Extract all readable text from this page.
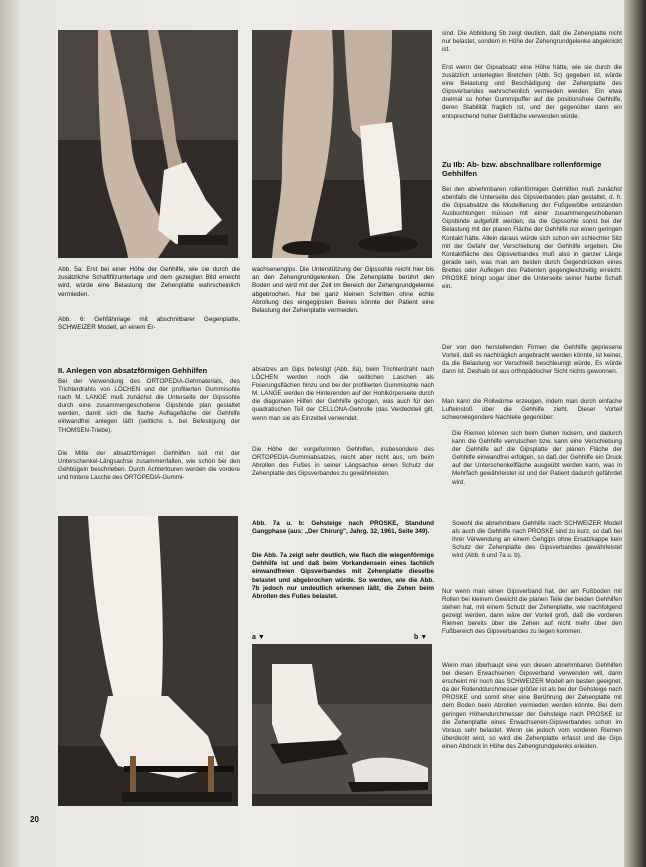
Abb. 5a: Erst bei einer Höhe der Gehhilfe, wie sie durch die zusätzliche Schaftfilzunterlage und dem gezeigten Bild erreicht wird, würde eine Belastung der Zehenplatte wahrscheinlich vermieden.
Abb. 6: Gehfähnlage mit abschnitbarer Gegenplatte, SCHWEIZER Modell, an einem Er-
wachsenengips. Die Unterstützung der Gipssohle reicht hier bis an den Zehengrundgelenken. Die Zehenplatte berührt den Boden und wird mit der Zeit im Bereich der Zehengrundgelenke abgebrochen. Nur bei ganz kleinen Schritten ohne echte Abrollung des eingegipsten Beines könnte der Patient eine Belastung der Zehenplatte vermeiden.
II. Anlegen von absatzförmigen Gehhilfen
Bei der Verwendung des ORTOPEDIA-Gehmaterials, des Trichterdrahts von LÖCHEN und der profilierten Gummisohle nach M. LANGE muß zunächst die Unterseite der Gipssohle durch eine zusammengeschobene Gipsbinde plan gestaltet werden, damit sich die flache Auflagefläche der Gehhilfe einwandfrei anlegen läßt (seitlichs s. bei Befestigung der THOMSEN-Triebe).
Die Mitte der absatzförmigen Gehhilfen soll mit der Unterschenkel-Längsachse zusammenfallen, wie schon bei den Gehbügeln beschrieben. Durch Achtertouren werden die vordere und hintere Lasche des ORTOPEDIA-Gummi-
absatzes am Gips befestigt (Abb. 8a), beim Trichterdraht nach LÖCHEN werden noch die seitlichen Laschen als Fixierungsflächen hinzu und bei der profilierten Gummisohle nach M. LANGE werden die Hinterenden auf der Hohlkörperseite durch die diagonalen Hilfen der Gehhilfe gezogen, was auch für den quadratischen Teil der CELLONA-Gehrolle (das Verdeckteil gilt, wenn man sie als Einzelteil verwendet.
Die Höhe der vorgeformten Gehhilfen, insbesondere des ORTOPEDIA-Gummiabsatzes, reicht aber nicht aus, um beim Abrollen des Fußes in seiner Längsachse einen Schutz der Zehenplatte des Gipsverbandes zu gewährleisten.
Abb. 7a u. b: Gehsteige nach PROSKE, Standund Gangphase (aus: „Der Chirurg", Jahrg. 32, 1961, Seite 349).
Die Abb. 7a zeigt sehr deutlich, wie flach die wiegenförmige Gehhilfe ist und daß beim Vorkandensein eines fachlich einwandfreien Gipsverbandes mit Zehenplatte dieselbe belastet und abgebrochen würde. So werden, wie die Abb. 7b jedoch nur undeutlich erkennen läßt, die Zehen beim Abrollen des Fußes belastet.
a ▼	b ▼
sind. Die Abbildung 5b zeigt deutlich, daß die Zehenplatte nicht nur belastet, sondern in Höhe der Zehengrundgelenke abgeknickt ist.
Erst wenn der Gipsabsatz eine Höhe hätte, wie sie durch die zusätzlich unterlegten Bretchen (Abb. 5c) gegeben ist, würde eine Belastung und Beschädigung der Zehenplatte des Gipsverbandes wahrscheinlich vermieden werden. Ein etwa dreimal so hoher Gummipuffer auf die positionsfreie Gehhilfe, deren Stabilität fraglich ist, und der gegenüber dann ein entsprechend hoher Gehfläche verwenden würde.
Zu IIb: Ab- bzw. abschnallbare rollenförmige Gehhilfen
Bei den abnehmbaren rollenförmigen Gehhilfen muß zunächst ebenfalls die Unterseite des Gipsverbandes plan gestaltet, d. h. die Gipsabsätze die Modellierung der Fußgewölbe entstanden Ausbuchtungen müssen mit einer zusammengeschobenen Gipsbinde aufgefüllt werden, da die Gipssohle sonst bei der Belastung mit der planen Fläche der Gehhilfe nur einen geringen Kontakt hätte. Allein daraus würde sich schon ein schlechter Sitz mit der Gefahr der Verschiebung der Gehhilfe ergeben. Die Kontaktfläche des Gipsverbandes muß also in ganzer Länge gerade sein, was man am besten durch Gegendrücken eines Brettes oder Auflegen des Patienten gegengleichzeitig erreicht. PROSKE bringt sogar über die Unterseite seiner Narbe Schaft ein.
Der von den herstellenden Firmen die Gehhilfe gepriesene Vorteil, daß es nachträglich angebracht werden könnte, ist keiner, da die Belastung vor Verschleiß beschleunigt würde. Es würde dann ist. Deshalb ist aus orthopädischer Sicht nichts gewonnen.
Man kann die Rollwärme erzeugen, indem man durch einfache Lufteinstoß über die Gehhilfe zieht. Dieser Vorteil schwerwiegendere Nachteile gegenüber:
Die Riemen können sich beim Gehen lockern, und dadurch kann die Gehhilfe verrutschen bzw. kann eine Verschiebung der Gehhilfe auf die Gipsplatte der planen Fläche der Gehhilfe einwandfrei erfolgen, so daß der Gehhilfe ein Druck auf der Unterschenkelfläche ausgeübt werden kann, was in Mehrfach gewährleistet ist und der Patient dadurch gefährdet wird.
Sowohl die abnehmbare Gehhilfe nach SCHWEIZER Modell als auch die Gehhilfe nach PROSKE sind zu kurz, so daß bei ihrer Verwendung an einem Gehgips ohne Ersatzkappe kein Schutz der Zehenplatte des Gipsverbandes gewährleistet wird (Abb. 6 und 7a u. b).
Nur wenn man einen Gipsverband hat, der am Fußboden mit Rollen bei kleinem Gewicht die planen Teile der beiden Gehhilfen stehen hat, mit einem Schutz der Zehenplatte, wie nachfolgend gezeigt werden, dann wäre der Vorteil groß, daß die vorderen Riemen bereits über die Zehen auf nicht mehr über den Fußbereich des Gipsverbandes zu liegen kommen.
Wenn man überhaupt eine von diesen abnehmbaren Gehhilfen bei diesen Erwachsenen Gipsverband verwenden will, dann erscheint mir noch das SCHWEIZER Modell am besten geeignet, da der Rollenddurchmesser größer ist als bei der Gehsteige nach PROSKE und somit eher eine Berührung der Zehenplatte mit dem Boden beim Abrollen vermieden werden könnte. Bei dem geringen Höhendurchmesser der Gehsteige nach PROSKE ist die Zehenplatte eines Erwachsenen-Gipsverbandes schon im Voraus sehr belastet. Wenn sie jedoch vom vorderen Riemen überdeckt wird, so wird die Zehenplatte erfasst und die Gips einen Abdruck in Höhe des Zehengrundgelenks erleiden.
20
